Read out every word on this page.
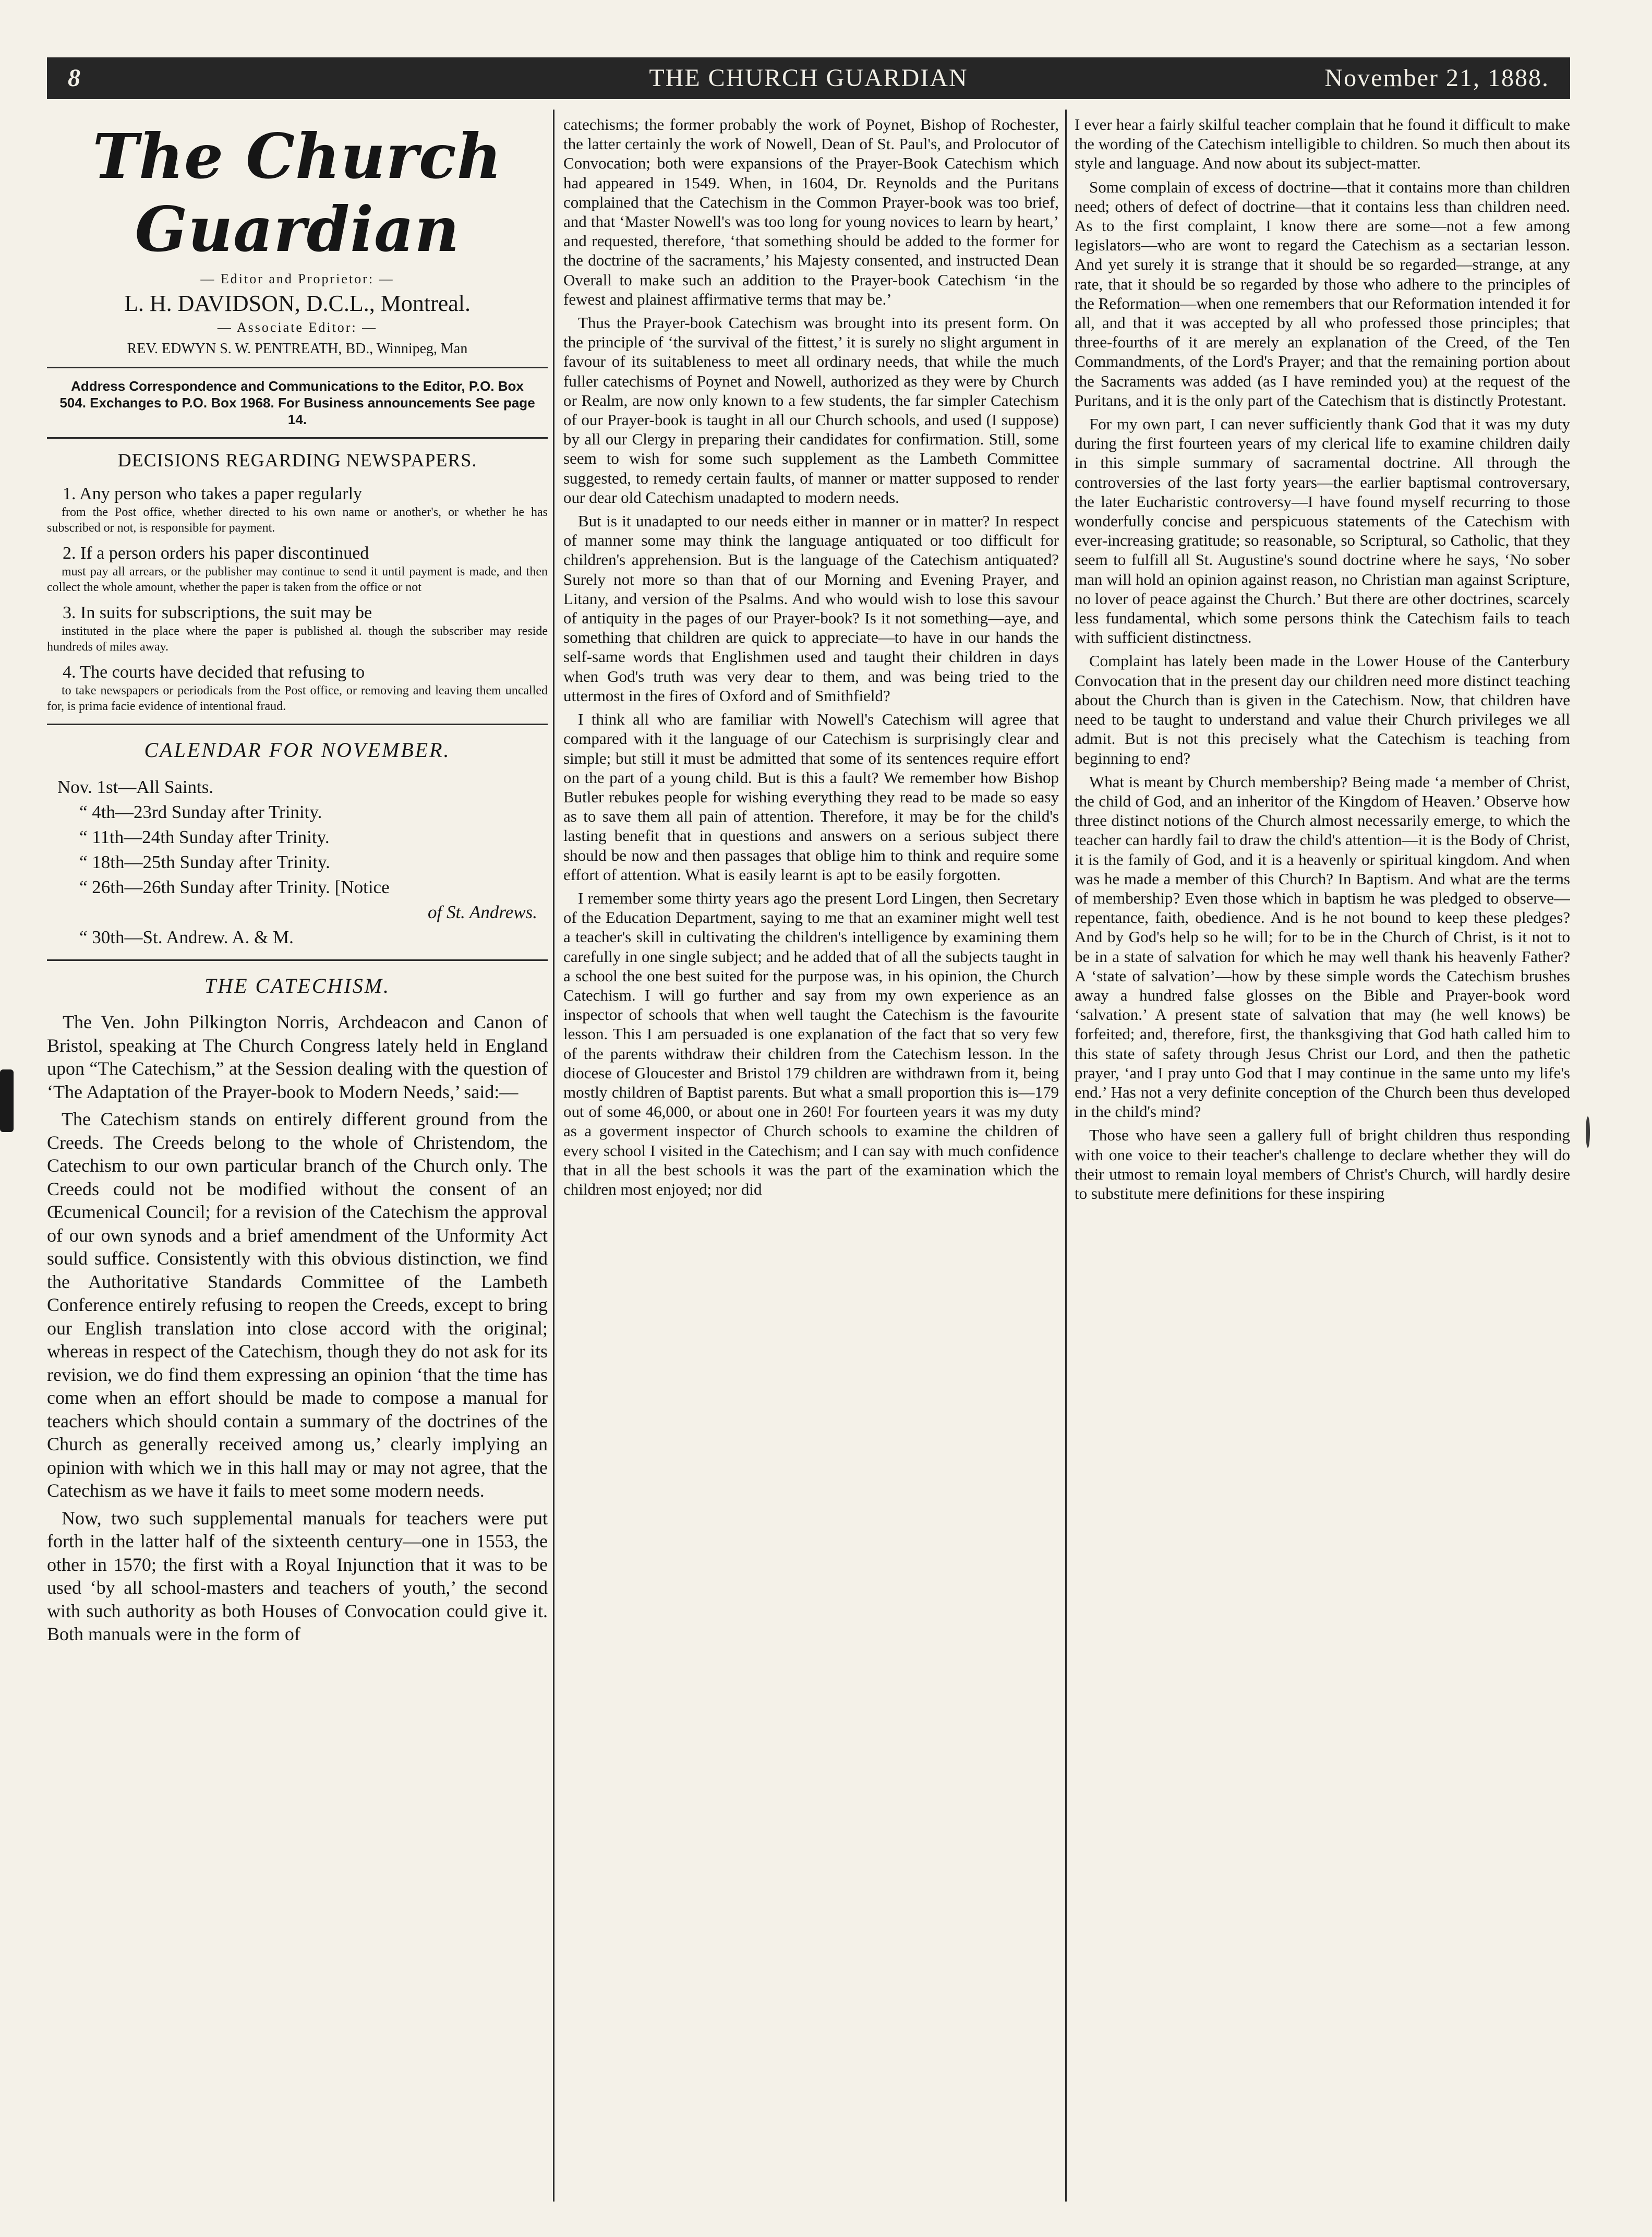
8	THE CHURCH GUARDIAN	November 21, 1888.
The Church Guardian
— Editor and Proprietor: —
L. H. DAVIDSON, D.C.L., Montreal.
— Associate Editor: —
REV. EDWYN S. W. PENTREATH, BD., Winnipeg, Man
Address Correspondence and Communications to the Editor, P.O. Box 504. Exchanges to P.O. Box 1968. For Business announcements See page 14.
DECISIONS REGARDING NEWSPAPERS.

1. Any person who takes a paper regularly

from the Post office, whether directed to his own name or another's, or whether he has subscribed or not, is responsible for payment.

2. If a person orders his paper discontinued

must pay all arrears, or the publisher may continue to send it until payment is made, and then collect the whole amount, whether the paper is taken from the office or not

3. In suits for subscriptions, the suit may be

instituted in the place where the paper is published al. though the subscriber may reside hundreds of miles away.

4. The courts have decided that refusing to

to take newspapers or periodicals from the Post office, or removing and leaving them uncalled for, is prima facie evidence of intentional fraud.

CALENDAR FOR NOVEMBER.
Nov. 1st—All Saints.
“ 4th—23rd Sunday after Trinity.
“ 11th—24th Sunday after Trinity.
“ 18th—25th Sunday after Trinity.
“ 26th—26th Sunday after Trinity. [Notice
of St. Andrews.
“ 30th—St. Andrew. A. & M.
THE CATECHISM.

The Ven. John Pilkington Norris, Archdeacon and Canon of Bristol, speaking at The Church Congress lately held in England upon “The Catechism,” at the Session dealing with the question of ‘The Adaptation of the Prayer-book to Modern Needs,’ said:—

The Catechism stands on entirely different ground from the Creeds. The Creeds belong to the whole of Christendom, the Catechism to our own particular branch of the Church only. The Creeds could not be modified without the consent of an Œcumenical Council; for a revision of the Catechism the approval of our own synods and a brief amendment of the Unformity Act sould suffice. Consistently with this obvious distinction, we find the Authoritative Standards Committee of the Lambeth Conference entirely refusing to reopen the Creeds, except to bring our English translation into close accord with the original; whereas in respect of the Catechism, though they do not ask for its revision, we do find them expressing an opinion ‘that the time has come when an effort should be made to compose a manual for teachers which should contain a summary of the doctrines of the Church as generally received among us,’ clearly implying an opinion with which we in this hall may or may not agree, that the Catechism as we have it fails to meet some modern needs.

Now, two such supplemental manuals for teachers were put forth in the latter half of the sixteenth century—one in 1553, the other in 1570; the first with a Royal Injunction that it was to be used ‘by all school-masters and teachers of youth,’ the second with such authority as both Houses of Convocation could give it. Both manuals were in the form of

catechisms; the former probably the work of Poynet, Bishop of Rochester, the latter certainly the work of Nowell, Dean of St. Paul's, and Prolocutor of Convocation; both were expansions of the Prayer-Book Catechism which had appeared in 1549. When, in 1604, Dr. Reynolds and the Puritans complained that the Catechism in the Common Prayer-book was too brief, and that ‘Master Nowell's was too long for young novices to learn by heart,’ and requested, therefore, ‘that something should be added to the former for the doctrine of the sacraments,’ his Majesty consented, and instructed Dean Overall to make such an addition to the Prayer-book Catechism ‘in the fewest and plainest affirmative terms that may be.’

Thus the Prayer-book Catechism was brought into its present form. On the principle of ‘the survival of the fittest,’ it is surely no slight argument in favour of its suitableness to meet all ordinary needs, that while the much fuller catechisms of Poynet and Nowell, authorized as they were by Church or Realm, are now only known to a few students, the far simpler Catechism of our Prayer-book is taught in all our Church schools, and used (I suppose) by all our Clergy in preparing their candidates for confirmation. Still, some seem to wish for some such supplement as the Lambeth Committee suggested, to remedy certain faults, of manner or matter supposed to render our dear old Catechism unadapted to modern needs.

But is it unadapted to our needs either in manner or in matter? In respect of manner some may think the language antiquated or too difficult for children's apprehension. But is the language of the Catechism antiquated? Surely not more so than that of our Morning and Evening Prayer, and Litany, and version of the Psalms. And who would wish to lose this savour of antiquity in the pages of our Prayer-book? Is it not something—aye, and something that children are quick to appreciate—to have in our hands the self-same words that Englishmen used and taught their children in days when God's truth was very dear to them, and was being tried to the uttermost in the fires of Oxford and of Smithfield?

I think all who are familiar with Nowell's Catechism will agree that compared with it the language of our Catechism is surprisingly clear and simple; but still it must be admitted that some of its sentences require effort on the part of a young child. But is this a fault? We remember how Bishop Butler rebukes people for wishing everything they read to be made so easy as to save them all pain of attention. Therefore, it may be for the child's lasting benefit that in questions and answers on a serious subject there should be now and then passages that oblige him to think and require some effort of attention. What is easily learnt is apt to be easily forgotten.

I remember some thirty years ago the present Lord Lingen, then Secretary of the Education Department, saying to me that an examiner might well test a teacher's skill in cultivating the children's intelligence by examining them carefully in one single subject; and he added that of all the subjects taught in a school the one best suited for the purpose was, in his opinion, the Church Catechism. I will go further and say from my own experience as an inspector of schools that when well taught the Catechism is the favourite lesson. This I am persuaded is one explanation of the fact that so very few of the parents withdraw their children from the Catechism lesson. In the diocese of Gloucester and Bristol 179 children are withdrawn from it, being mostly children of Baptist parents. But what a small proportion this is—179 out of some 46,000, or about one in 260! For fourteen years it was my duty as a goverment inspector of Church schools to examine the children of every school I visited in the Catechism; and I can say with much confidence that in all the best schools it was the part of the examination which the children most enjoyed; nor did

I ever hear a fairly skilful teacher complain that he found it difficult to make the wording of the Catechism intelligible to children. So much then about its style and language. And now about its subject-matter.

Some complain of excess of doctrine—that it contains more than children need; others of defect of doctrine—that it contains less than children need. As to the first complaint, I know there are some—not a few among legislators—who are wont to regard the Catechism as a sectarian lesson. And yet surely it is strange that it should be so regarded—strange, at any rate, that it should be so regarded by those who adhere to the principles of the Reformation—when one remembers that our Reformation intended it for all, and that it was accepted by all who professed those principles; that three-fourths of it are merely an explanation of the Creed, of the Ten Commandments, of the Lord's Prayer; and that the remaining portion about the Sacraments was added (as I have reminded you) at the request of the Puritans, and it is the only part of the Catechism that is distinctly Protestant.

For my own part, I can never sufficiently thank God that it was my duty during the first fourteen years of my clerical life to examine children daily in this simple summary of sacramental doctrine. All through the controversies of the last forty years—the earlier baptismal controversary, the later Eucharistic controversy—I have found myself recurring to those wonderfully concise and perspicuous statements of the Catechism with ever-increasing gratitude; so reasonable, so Scriptural, so Catholic, that they seem to fulfill all St. Augustine's sound doctrine where he says, ‘No sober man will hold an opinion against reason, no Christian man against Scripture, no lover of peace against the Church.’ But there are other doctrines, scarcely less fundamental, which some persons think the Catechism fails to teach with sufficient distinctness.

Complaint has lately been made in the Lower House of the Canterbury Convocation that in the present day our children need more distinct teaching about the Church than is given in the Catechism. Now, that children have need to be taught to understand and value their Church privileges we all admit. But is not this precisely what the Catechism is teaching from beginning to end?

What is meant by Church membership? Being made ‘a member of Christ, the child of God, and an inheritor of the Kingdom of Heaven.’ Observe how three distinct notions of the Church almost necessarily emerge, to which the teacher can hardly fail to draw the child's attention—it is the Body of Christ, it is the family of God, and it is a heavenly or spiritual kingdom. And when was he made a member of this Church? In Baptism. And what are the terms of membership? Even those which in baptism he was pledged to observe—repentance, faith, obedience. And is he not bound to keep these pledges? And by God's help so he will; for to be in the Church of Christ, is it not to be in a state of salvation for which he may well thank his heavenly Father? A ‘state of salvation’—how by these simple words the Catechism brushes away a hundred false glosses on the Bible and Prayer-book word ‘salvation.’ A present state of salvation that may (he well knows) be forfeited; and, therefore, first, the thanksgiving that God hath called him to this state of safety through Jesus Christ our Lord, and then the pathetic prayer, ‘and I pray unto God that I may continue in the same unto my life's end.’ Has not a very definite conception of the Church been thus developed in the child's mind?

Those who have seen a gallery full of bright children thus responding with one voice to their teacher's challenge to declare whether they will do their utmost to remain loyal members of Christ's Church, will hardly desire to substitute mere definitions for these inspiring
